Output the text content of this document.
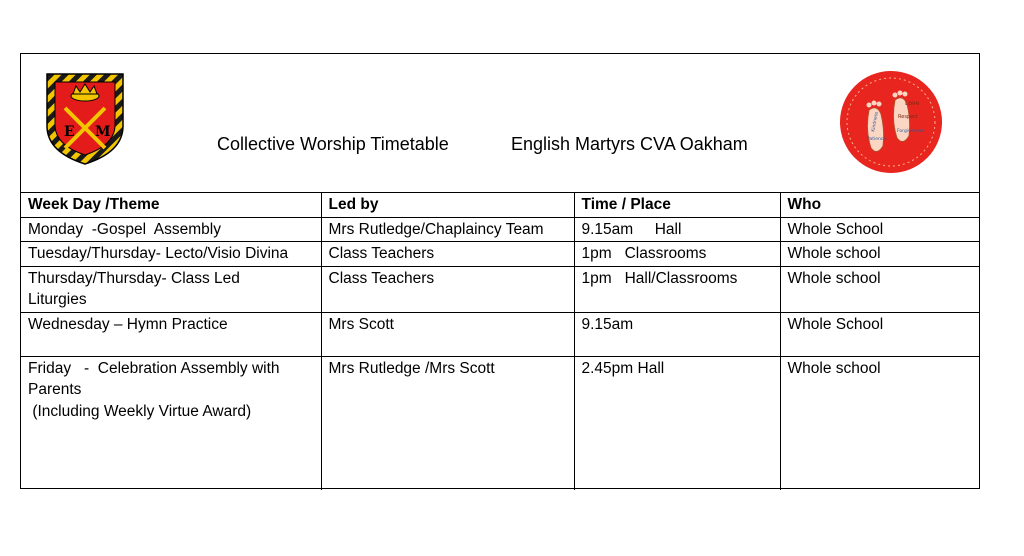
E M
Collective Worship Timetable	English Martyrs CVA Oakham
Love
Respect
Kindness	Forgiveness
Patience
Week Day /Theme	Led by	Time / Place	Who
Monday  -Gospel  Assembly	Mrs Rutledge/Chaplaincy Team	9.15am     Hall	Whole School
Tuesday/Thursday- Lecto/Visio Divina	Class Teachers	1pm   Classrooms	Whole school
Thursday/Thursday- Class Led
Liturgies	Class Teachers	1pm   Hall/Classrooms	Whole school
Wednesday – Hymn Practice	Mrs Scott	9.15am	Whole School
Friday   -  Celebration Assembly with
Parents
(Including Weekly Virtue Award)	Mrs Rutledge /Mrs Scott	2.45pm Hall	Whole school
